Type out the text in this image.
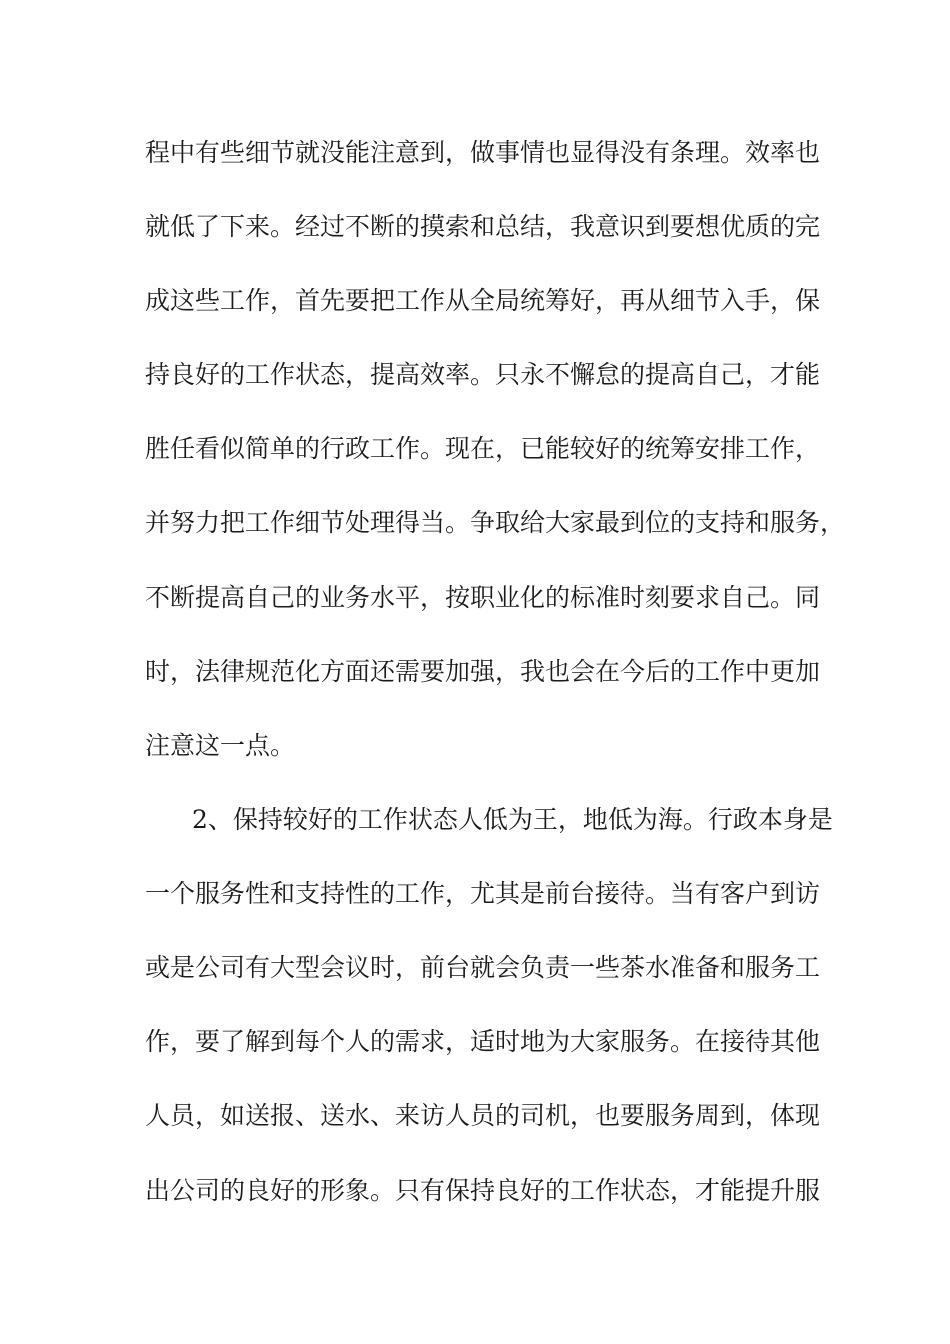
程中有些细节就没能注意到，做事情也显得没有条理。效率也
就低了下来。经过不断的摸索和总结，我意识到要想优质的完
成这些工作，首先要把工作从全局统筹好，再从细节入手，保
持良好的工作状态，提高效率。只永不懈怠的提高自己，才能
胜任看似简单的行政工作。现在，已能较好的统筹安排工作，
并努力把工作细节处理得当。争取给大家最到位的支持和服务，
不断提高自己的业务水平，按职业化的标准时刻要求自己。同
时，法律规范化方面还需要加强，我也会在今后的工作中更加
注意这一点。
2、保持较好的工作状态人低为王，地低为海。行政本身是
一个服务性和支持性的工作，尤其是前台接待。当有客户到访
或是公司有大型会议时，前台就会负责一些茶水准备和服务工
作，要了解到每个人的需求，适时地为大家服务。在接待其他
人员，如送报、送水、来访人员的司机，也要服务周到，体现
出公司的良好的形象。只有保持良好的工作状态，才能提升服
